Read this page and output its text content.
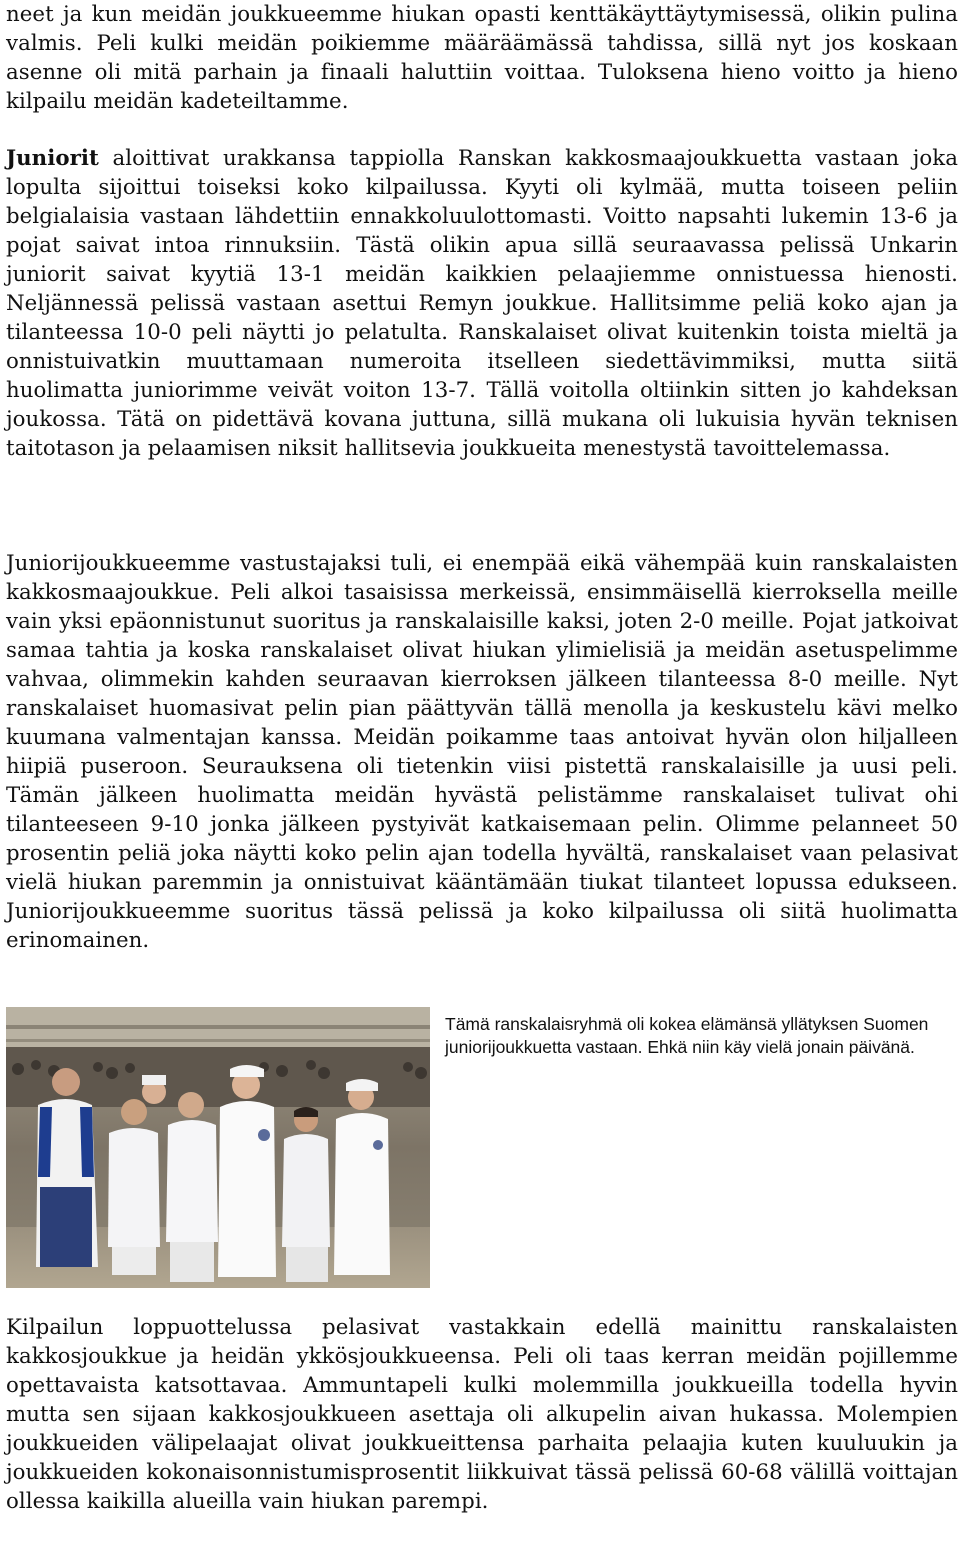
neet ja kun meidän joukkueemme hiukan opasti kenttäkäyttäytymisessä, olikin pulina valmis. Peli kulki meidän poikiemme määräämässä tahdissa, sillä nyt jos koskaan asenne oli mitä parhain ja finaali haluttiin voittaa. Tuloksena hieno voitto ja hieno kilpailu meidän kadeteiltamme.

Juniorit aloittivat urakkansa tappiolla Ranskan kakkosmaajoukkuetta vastaan joka lopulta sijoittui toiseksi koko kilpailussa. Kyyti oli kylmää, mutta toiseen peliin belgialaisia vastaan lähdettiin ennakkoluulottomasti. Voitto napsahti lukemin 13-6 ja pojat saivat intoa rinnuksiin. Tästä olikin apua sillä seuraavassa pelissä Unkarin juniorit saivat kyytiä 13-1 meidän kaikkien pelaajiemme onnistuessa hienosti. Neljännessä pelissä vastaan asettui Remyn joukkue. Hallitsimme peliä koko ajan ja tilanteessa 10-0 peli näytti jo pelatulta. Ranskalaiset olivat kuitenkin toista mieltä ja onnistuivatkin muuttamaan numeroita itselleen siedettävimmiksi, mutta siitä huolimatta juniorimme veivät voiton 13-7. Tällä voitolla oltiinkin sitten jo kahdeksan joukossa. Tätä on pidettävä kovana juttuna, sillä mukana oli lukuisia hyvän teknisen taitotason ja pelaamisen niksit hallitsevia joukkueita menestystä tavoittelemassa.

Juniorijoukkueemme vastustajaksi tuli, ei enempää eikä vähempää kuin ranskalaisten kakkosmaajoukkue. Peli alkoi tasaisissa merkeissä, ensimmäisellä kierroksella meille vain yksi epäonnistunut suoritus ja ranskalaisille kaksi, joten 2-0 meille. Pojat jatkoivat samaa tahtia ja koska ranskalaiset olivat hiukan ylimielisiä ja meidän asetuspelimme vahvaa, olimmekin kahden seuraavan kierroksen jälkeen tilanteessa 8-0 meille. Nyt ranskalaiset huomasivat pelin pian päättyvän tällä menolla ja keskustelu kävi melko kuumana valmentajan kanssa. Meidän poikamme taas antoivat hyvän olon hiljalleen hiipiä puseroon. Seurauksena oli tietenkin viisi pistettä ranskalaisille ja uusi peli. Tämän jälkeen huolimatta meidän hyvästä pelistämme ranskalaiset tulivat ohi tilanteeseen 9-10 jonka jälkeen pystyivät katkaisemaan pelin. Olimme pelanneet 50 prosentin peliä joka näytti koko pelin ajan todella hyvältä, ranskalaiset vaan pelasivat vielä hiukan paremmin ja onnistuivat kääntämään tiukat tilanteet lopussa edukseen. Juniorijoukkueemme suoritus tässä pelissä ja koko kilpailussa oli siitä huolimatta erinomainen.

Kilpailun loppuottelussa pelasivat vastakkain edellä mainittu ranskalaisten kakkosjoukkue ja heidän ykkösjoukkueensa. Peli oli taas kerran meidän pojillemme opettavaista katsottavaa. Ammuntapeli kulki molemmilla joukkueilla todella hyvin mutta sen sijaan kakkosjoukkueen asettaja oli alkupelin aivan hukassa. Molempien joukkueiden välipelaajat olivat joukkueittensa parhaita pelaajia kuten kuuluukin ja joukkueiden kokonaisonnistumisprosentit liikkuivat tässä pelissä 60-68 välillä voittajan ollessa kaikilla alueilla vain hiukan parempi.

Tämä ranskalaisryhmä oli kokea elämänsä yllätyksen Suomen juniorijoukkuetta vastaan. Ehkä niin käy vielä jonain päivänä.
